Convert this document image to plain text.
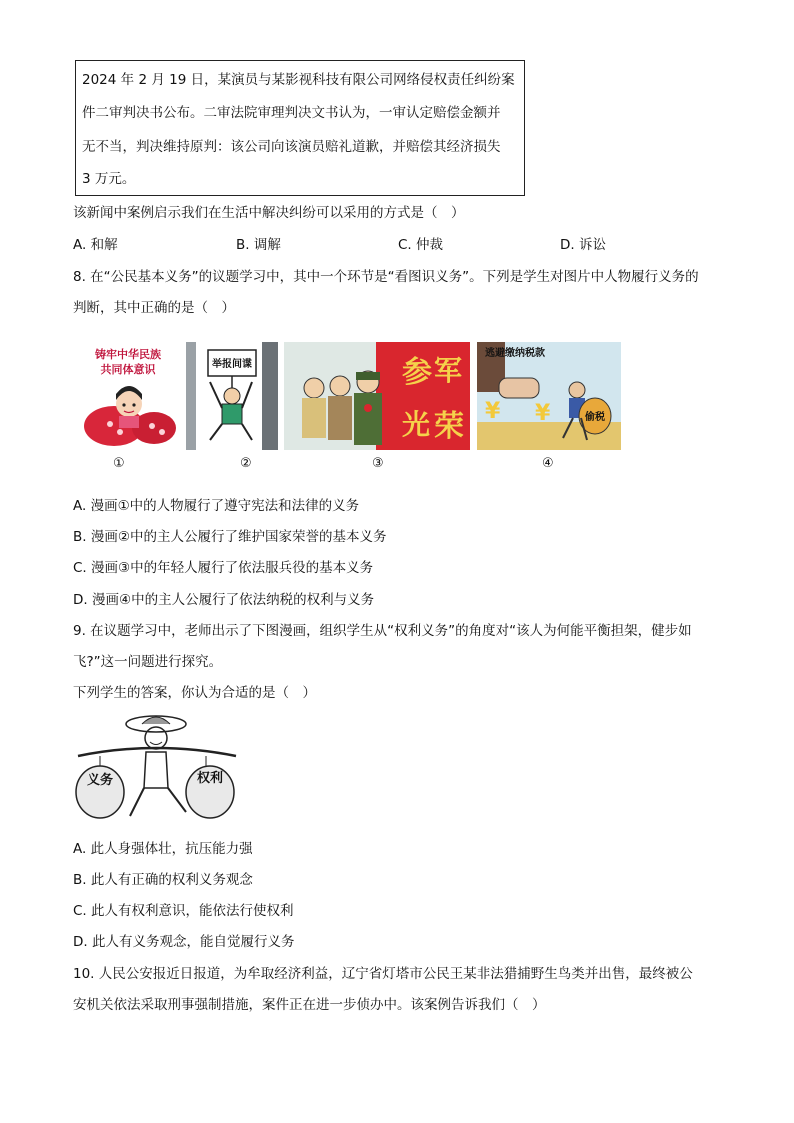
2024 年 2 月 19 日，某演员与某影视科技有限公司网络侵权责任纠纷案
件二审判决书公布。二审法院审理判决文书认为，一审认定赔偿金额并
无不当，判决维持原判：该公司向该演员赔礼道歉，并赔偿其经济损失
3 万元。
该新闻中案例启示我们在生活中解决纠纷可以采用的方式是（　）
A. 和解	B. 调解	C. 仲裁	D. 诉讼
8. 在“公民基本义务”的议题学习中，其中一个环节是“看图识义务”。下列是学生对图片中人物履行义务的
判断，其中正确的是（　）
铸牢中华民族
共同体意识
①
举报间谍
②
参 军
光 荣
③
逃避缴纳税款
¥ ¥	偷税
④
A. 漫画①中的人物履行了遵守宪法和法律的义务
B. 漫画②中的主人公履行了维护国家荣誉的基本义务
C. 漫画③中的年轻人履行了依法服兵役的基本义务
D. 漫画④中的主人公履行了依法纳税的权利与义务
9. 在议题学习中，老师出示了下图漫画，组织学生从“权利义务”的角度对“该人为何能平衡担架，健步如
飞?”这一问题进行探究。
下列学生的答案，你认为合适的是（　）
义务	权利
A. 此人身强体壮，抗压能力强
B. 此人有正确的权利义务观念
C. 此人有权利意识，能依法行使权利
D. 此人有义务观念，能自觉履行义务
10. 人民公安报近日报道，为牟取经济利益，辽宁省灯塔市公民王某非法猎捕野生鸟类并出售，最终被公
安机关依法采取刑事强制措施，案件正在进一步侦办中。该案例告诉我们（　）
